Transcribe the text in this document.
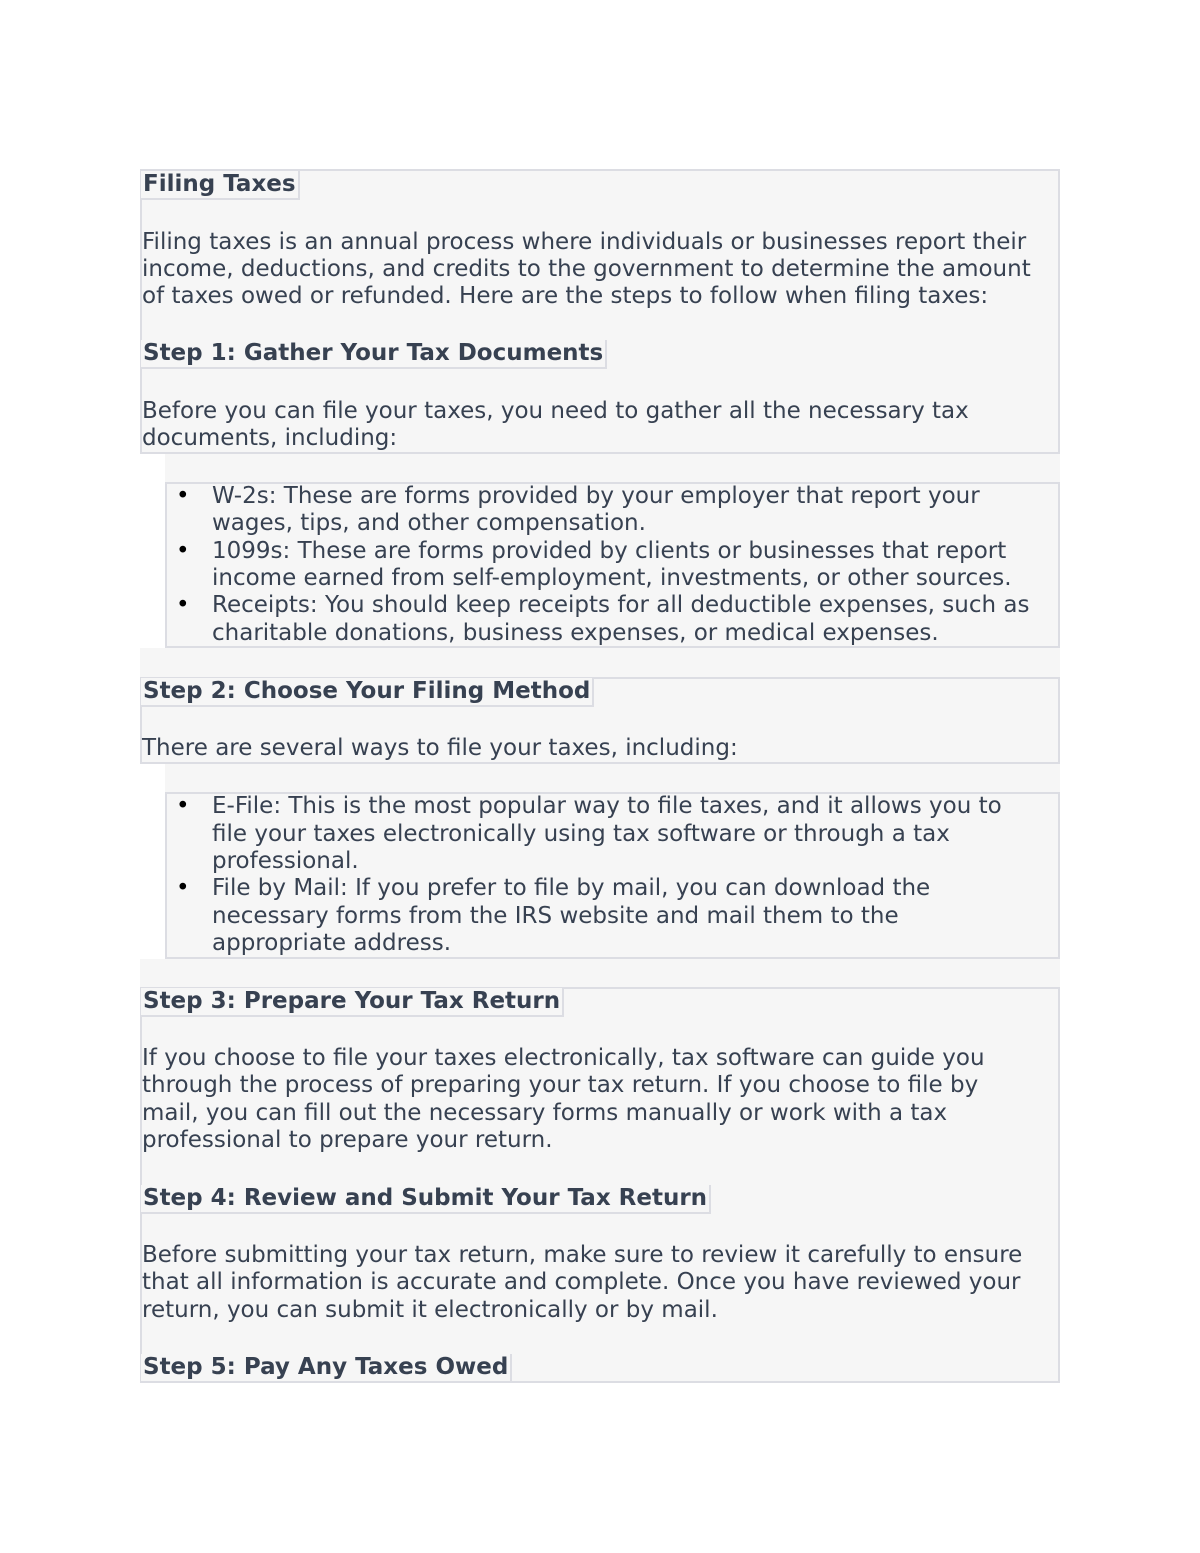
Filing Taxes
Filing taxes is an annual process where individuals or businesses report their
income, deductions, and credits to the government to determine the amount
of taxes owed or refunded. Here are the steps to follow when filing taxes:
Step 1: Gather Your Tax Documents
Before you can file your taxes, you need to gather all the necessary tax
documents, including:
• W-2s: These are forms provided by your employer that report your
wages, tips, and other compensation.
• 1099s: These are forms provided by clients or businesses that report
income earned from self-employment, investments, or other sources.
• Receipts: You should keep receipts for all deductible expenses, such as
charitable donations, business expenses, or medical expenses.
Step 2: Choose Your Filing Method
There are several ways to file your taxes, including:
• E-File: This is the most popular way to file taxes, and it allows you to
file your taxes electronically using tax software or through a tax
professional.
• File by Mail: If you prefer to file by mail, you can download the
necessary forms from the IRS website and mail them to the
appropriate address.
Step 3: Prepare Your Tax Return
If you choose to file your taxes electronically, tax software can guide you
through the process of preparing your tax return. If you choose to file by
mail, you can fill out the necessary forms manually or work with a tax
professional to prepare your return.
Step 4: Review and Submit Your Tax Return
Before submitting your tax return, make sure to review it carefully to ensure
that all information is accurate and complete. Once you have reviewed your
return, you can submit it electronically or by mail.
Step 5: Pay Any Taxes Owed
